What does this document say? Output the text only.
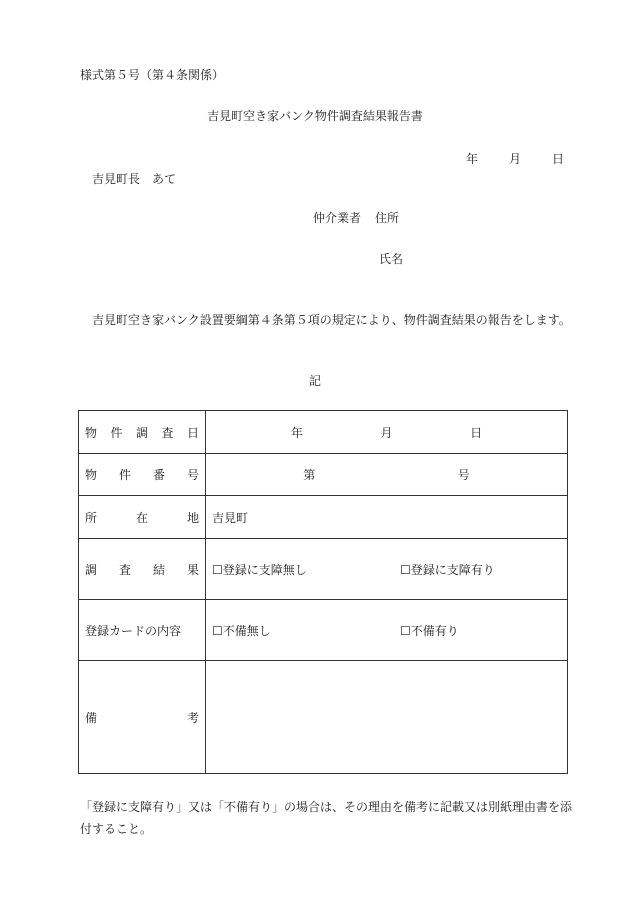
様式第５号（第４条関係）
吉見町空き家バンク物件調査結果報告書
年	月	日
吉見町長　あて
仲介業者 住所
氏名
吉見町空き家バンク設置要綱第４条第５項の規定により、物件調査結果の報告をします。
記
物 件 調 査 日	年 月 日

物 件 番 号	第 号

所 在 地	吉見町

調 査 結 果	☐登録に支障無し ☐登録に支障有り

登録カードの内容	☐不備無し ☐不備有り

備 考	

「登録に支障有り」又は「不備有り」の場合は、その理由を備考に記載又は別紙理由書を添付すること。
